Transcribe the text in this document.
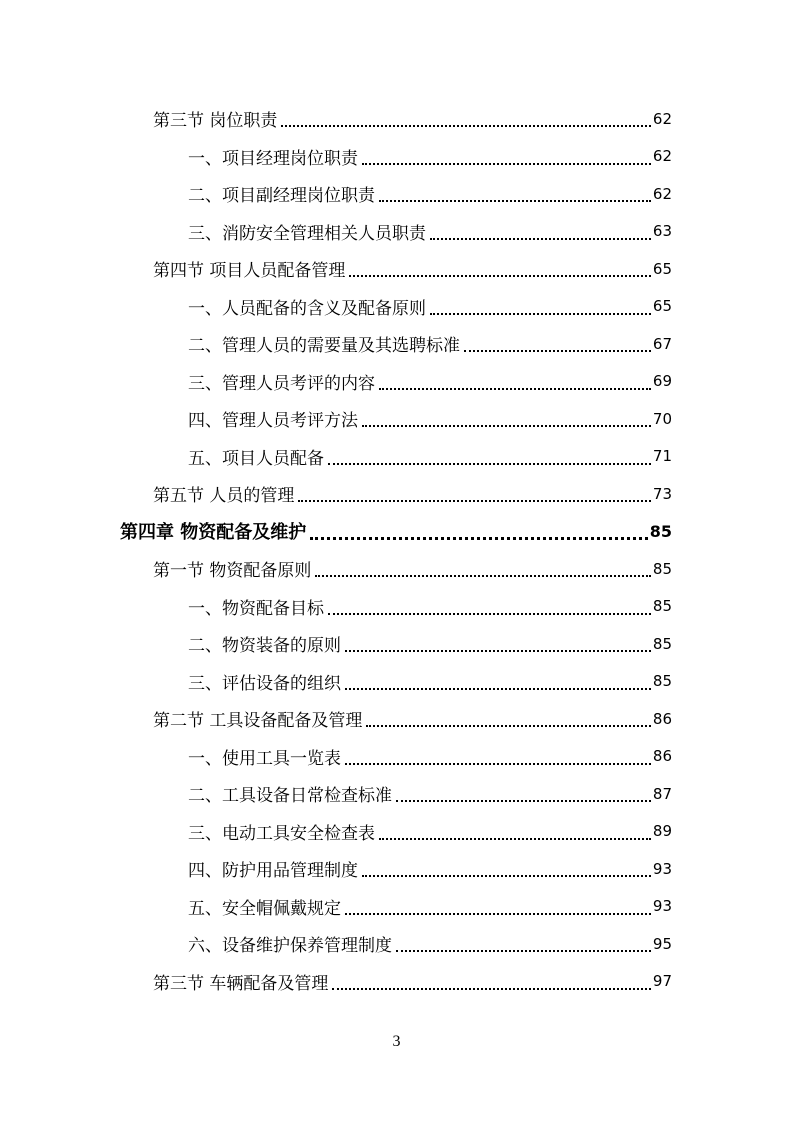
第三节 岗位职责	62
一、项目经理岗位职责	62
二、项目副经理岗位职责	62
三、消防安全管理相关人员职责	63
第四节 项目人员配备管理	65
一、人员配备的含义及配备原则	65
二、管理人员的需要量及其选聘标准	67
三、管理人员考评的内容	69
四、管理人员考评方法	70
五、项目人员配备	71
第五节 人员的管理	73
第四章 物资配备及维护	85
第一节 物资配备原则	85
一、物资配备目标	85
二、物资装备的原则	85
三、评估设备的组织	85
第二节 工具设备配备及管理	86
一、使用工具一览表	86
二、工具设备日常检查标准	87
三、电动工具安全检查表	89
四、防护用品管理制度	93
五、安全帽佩戴规定	93
六、设备维护保养管理制度	95
第三节 车辆配备及管理	97
3
